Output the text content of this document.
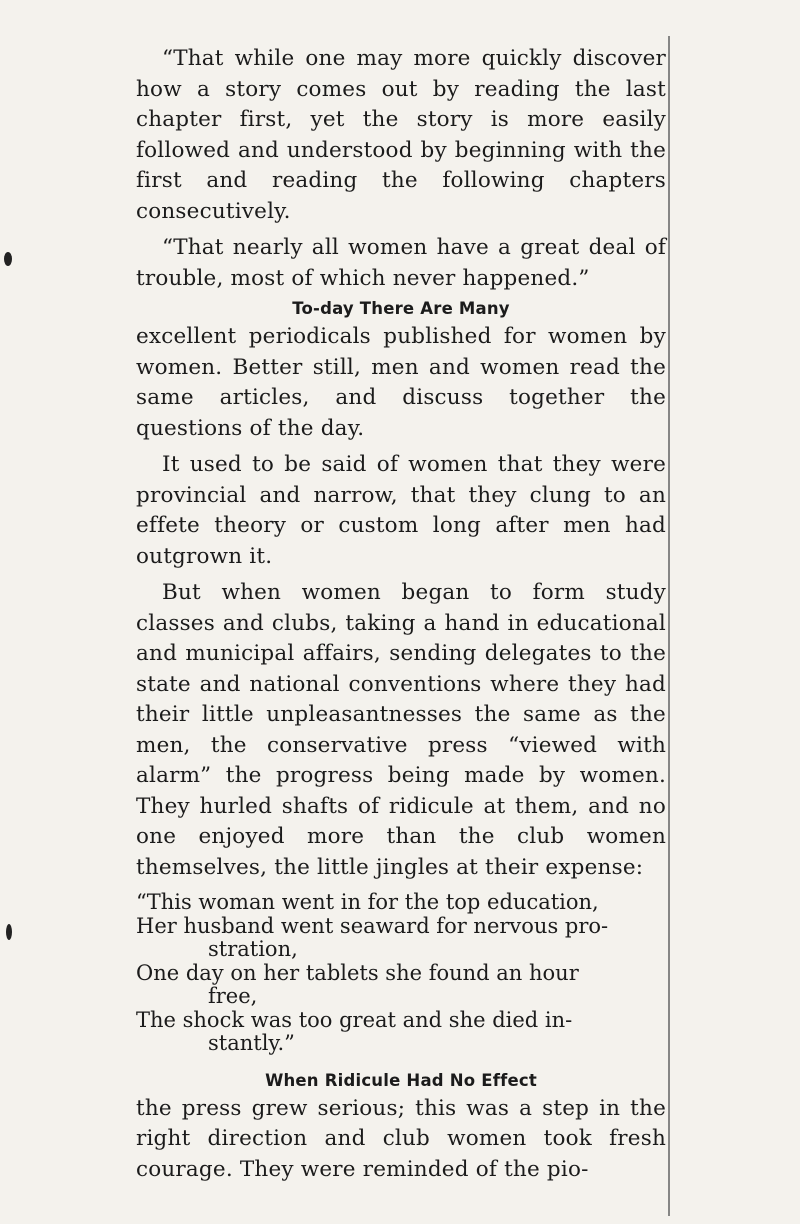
“That while one may more quickly discover how a story comes out by reading the last chapter first, yet the story is more easily followed and understood by beginning with the first and reading the following chapters consecutively.

“That nearly all women have a great deal of trouble, most of which never happened.”

To-day There Are Many

excellent periodicals published for women by women. Better still, men and women read the same articles, and discuss together the questions of the day.

It used to be said of women that they were provincial and narrow, that they clung to an effete theory or custom long after men had outgrown it.

But when women began to form study classes and clubs, taking a hand in educational and municipal affairs, sending delegates to the state and national conventions where they had their little unpleasantnesses the same as the men, the conservative press “viewed with alarm” the progress being made by women. They hurled shafts of ridicule at them, and no one enjoyed more than the club women themselves, the little jingles at their expense:

“This woman went in for the top education,
Her husband went seaward for nervous pro-
stration,
One day on her tablets she found an hour
free,
The shock was too great and she died in-
stantly.”

When Ridicule Had No Effect

the press grew serious; this was a step in the right direction and club women took fresh courage. They were reminded of the pio-
